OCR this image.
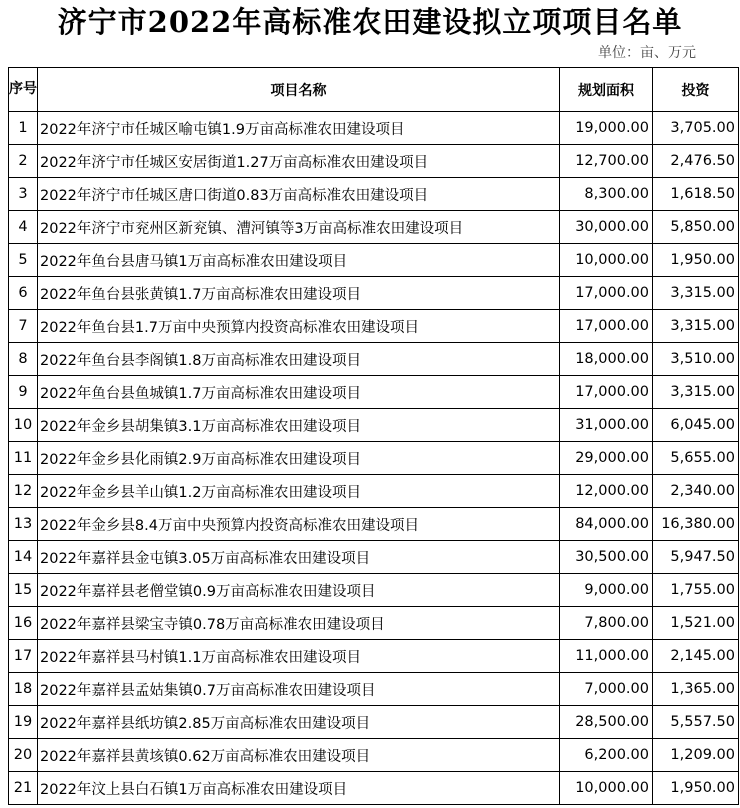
济宁市2022年高标准农田建设拟立项项目名单
单位：亩、万元
序号	项目名称	规划面积	投资
1	2022年济宁市任城区喻屯镇1.9万亩高标准农田建设项目	19,000.00	3,705.00
2	2022年济宁市任城区安居街道1.27万亩高标准农田建设项目	12,700.00	2,476.50
3	2022年济宁市任城区唐口街道0.83万亩高标准农田建设项目	8,300.00	1,618.50
4	2022年济宁市兖州区新兖镇、漕河镇等3万亩高标准农田建设项目	30,000.00	5,850.00
5	2022年鱼台县唐马镇1万亩高标准农田建设项目	10,000.00	1,950.00
6	2022年鱼台县张黄镇1.7万亩高标准农田建设项目	17,000.00	3,315.00
7	2022年鱼台县1.7万亩中央预算内投资高标准农田建设项目	17,000.00	3,315.00
8	2022年鱼台县李阁镇1.8万亩高标准农田建设项目	18,000.00	3,510.00
9	2022年鱼台县鱼城镇1.7万亩高标准农田建设项目	17,000.00	3,315.00
10	2022年金乡县胡集镇3.1万亩高标准农田建设项目	31,000.00	6,045.00
11	2022年金乡县化雨镇2.9万亩高标准农田建设项目	29,000.00	5,655.00
12	2022年金乡县羊山镇1.2万亩高标准农田建设项目	12,000.00	2,340.00
13	2022年金乡县8.4万亩中央预算内投资高标准农田建设项目	84,000.00	16,380.00
14	2022年嘉祥县金屯镇3.05万亩高标准农田建设项目	30,500.00	5,947.50
15	2022年嘉祥县老僧堂镇0.9万亩高标准农田建设项目	9,000.00	1,755.00
16	2022年嘉祥县梁宝寺镇0.78万亩高标准农田建设项目	7,800.00	1,521.00
17	2022年嘉祥县马村镇1.1万亩高标准农田建设项目	11,000.00	2,145.00
18	2022年嘉祥县孟姑集镇0.7万亩高标准农田建设项目	7,000.00	1,365.00
19	2022年嘉祥县纸坊镇2.85万亩高标准农田建设项目	28,500.00	5,557.50
20	2022年嘉祥县黄垓镇0.62万亩高标准农田建设项目	6,200.00	1,209.00
21	2022年汶上县白石镇1万亩高标准农田建设项目	10,000.00	1,950.00
